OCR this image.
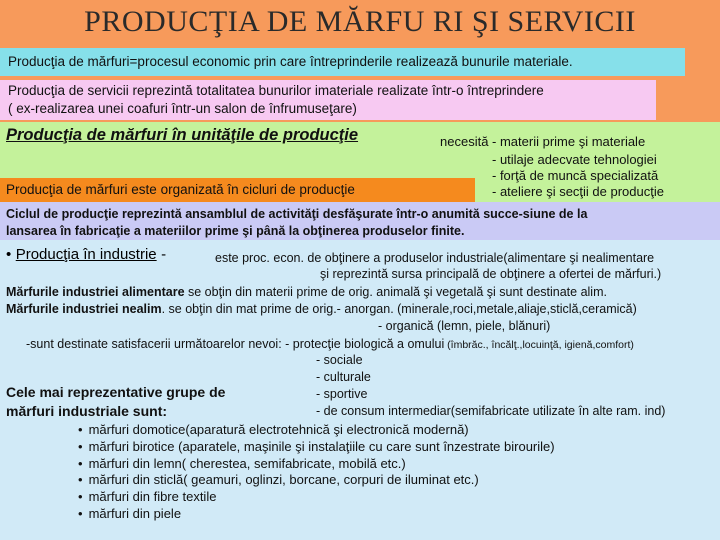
PRODUCŢIA DE MĂRFU RI ŞI SERVICII
Producţia de mărfuri=procesul economic prin care întreprinderile realizează bunurile materiale.
Producţia de servicii reprezintă totalitatea bunurilor imateriale realizate într-o întreprindere
( ex-realizarea unei coafuri într-un salon de înfrumuseţare)
Producţia de mărfuri în unităţile de producţie	necesită - materii prime şi materiale
- utilaje adecvate tehnologiei
- forţă de muncă specializată
- ateliere şi secţii de producţie
Producţia de mărfuri este organizată în cicluri de producţie
Ciclul de producţie reprezintă ansamblul de activităţi desfăşurate într-o anumită succe-siune de la
lansarea în fabricaţie a materiilor prime şi până la obţinerea produselor finite.
• Producţia în industrie -	este proc. econ. de obţinere a produselor industriale(alimentare şi nealimentare
şi reprezintă sursa principală de obţinere a ofertei de mărfuri.)
Mărfurile industriei alimentare se obţin din materii prime de orig. animală şi vegetală şi sunt destinate alim.
Mărfurile industriei nealim. se obţin din mat prime de orig.- anorgan. (minerale,roci,metale,aliaje,sticlă,ceramică)
- organică (lemn, piele, blănuri)
-sunt destinate satisfacerii următoarelor nevoi: - protecţie biologică a omului (îmbrăc., încălţ.,locuinţă, igienă,comfort)
- sociale
- culturale
- sportive
- de consum intermediar(semifabricate utilizate în alte ram. ind)
Cele mai reprezentative grupe de
mărfuri industriale sunt:
• mărfuri domotice(aparatură electrotehnică şi electronică modernă)
• mărfuri birotice (aparatele, maşinile şi instalaţiile cu care sunt înzestrate birourile)
• mărfuri din lemn( cherestea, semifabricate, mobilă etc.)
• mărfuri din sticlă( geamuri, oglinzi, borcane, corpuri de iluminat etc.)
• mărfuri din fibre textile
• mărfuri din piele
